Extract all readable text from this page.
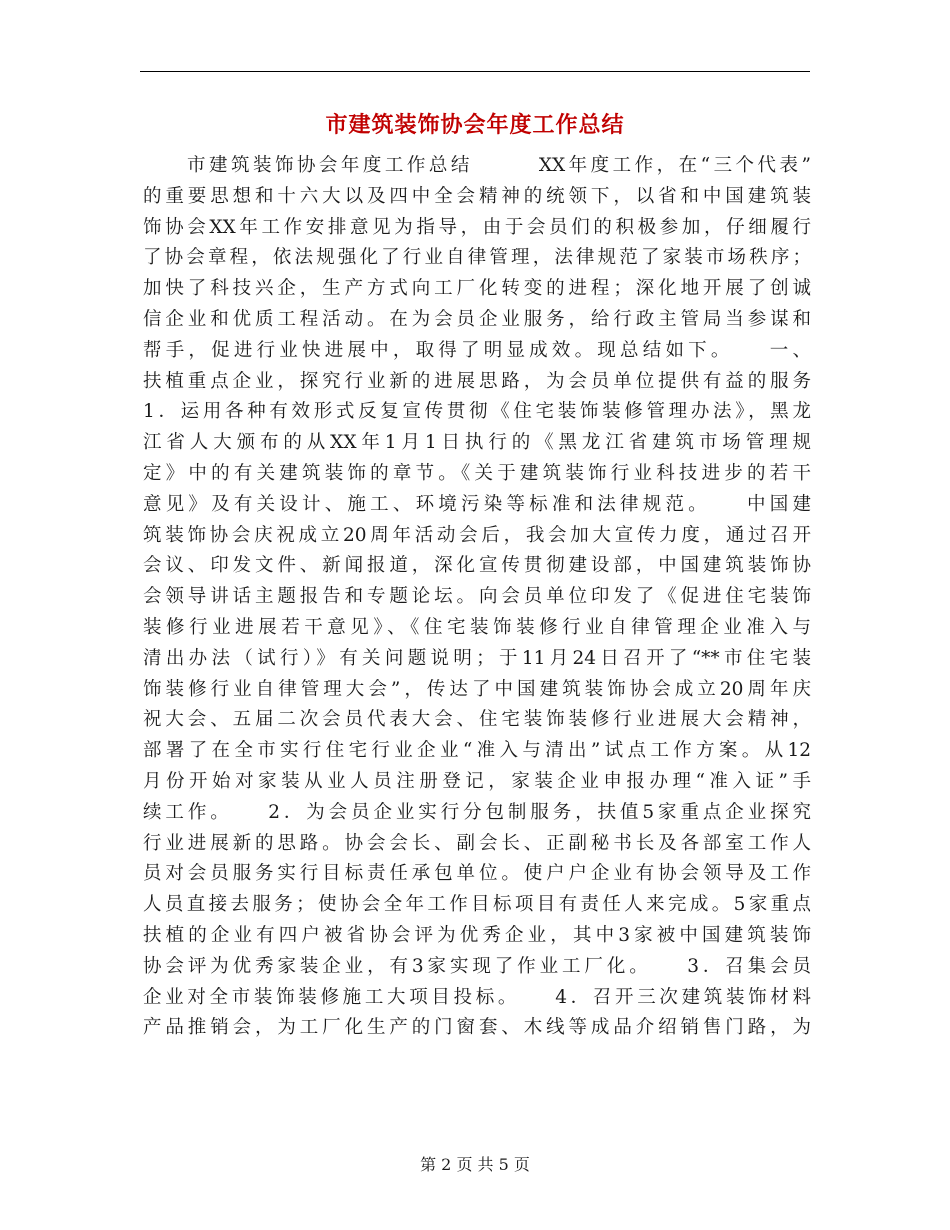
市建筑装饰协会年度工作总结
　　市建筑装饰协会年度工作总结　　　XX年度工作，在“三个代表”
的重要思想和十六大以及四中全会精神的统领下，以省和中国建筑装
饰协会XX年工作安排意见为指导，由于会员们的积极参加，仔细履行
了协会章程，依法规强化了行业自律管理，法律规范了家装市场秩序；
加快了科技兴企，生产方式向工厂化转变的进程；深化地开展了创诚
信企业和优质工程活动。在为会员企业服务，给行政主管局当参谋和
帮手，促进行业快进展中，取得了明显成效。现总结如下。　　一、
扶植重点企业，探究行业新的进展思路，为会员单位提供有益的服务
1．运用各种有效形式反复宣传贯彻《住宅装饰装修管理办法》，黑龙
江省人大颁布的从XX年1月1日执行的《黑龙江省建筑市场管理规
定》中的有关建筑装饰的章节。《关于建筑装饰行业科技进步的若干
意见》及有关设计、施工、环境污染等标准和法律规范。　　中国建
筑装饰协会庆祝成立20周年活动会后，我会加大宣传力度，通过召开
会议、印发文件、新闻报道，深化宣传贯彻建设部，中国建筑装饰协
会领导讲话主题报告和专题论坛。向会员单位印发了《促进住宅装饰
装修行业进展若干意见》、《住宅装饰装修行业自律管理企业准入与
清出办法（试行）》有关问题说明；于11月24日召开了“**市住宅装
饰装修行业自律管理大会”，传达了中国建筑装饰协会成立20周年庆
祝大会、五届二次会员代表大会、住宅装饰装修行业进展大会精神，
部署了在全市实行住宅行业企业“准入与清出”试点工作方案。从12
月份开始对家装从业人员注册登记，家装企业申报办理“准入证”手
续工作。　　2．为会员企业实行分包制服务，扶值5家重点企业探究
行业进展新的思路。协会会长、副会长、正副秘书长及各部室工作人
员对会员服务实行目标责任承包单位。使户户企业有协会领导及工作
人员直接去服务；使协会全年工作目标项目有责任人来完成。5家重点
扶植的企业有四户被省协会评为优秀企业，其中3家被中国建筑装饰
协会评为优秀家装企业，有3家实现了作业工厂化。　　3．召集会员
企业对全市装饰装修施工大项目投标。　　4．召开三次建筑装饰材料
产品推销会，为工厂化生产的门窗套、木线等成品介绍销售门路，为
第 2 页 共 5 页
